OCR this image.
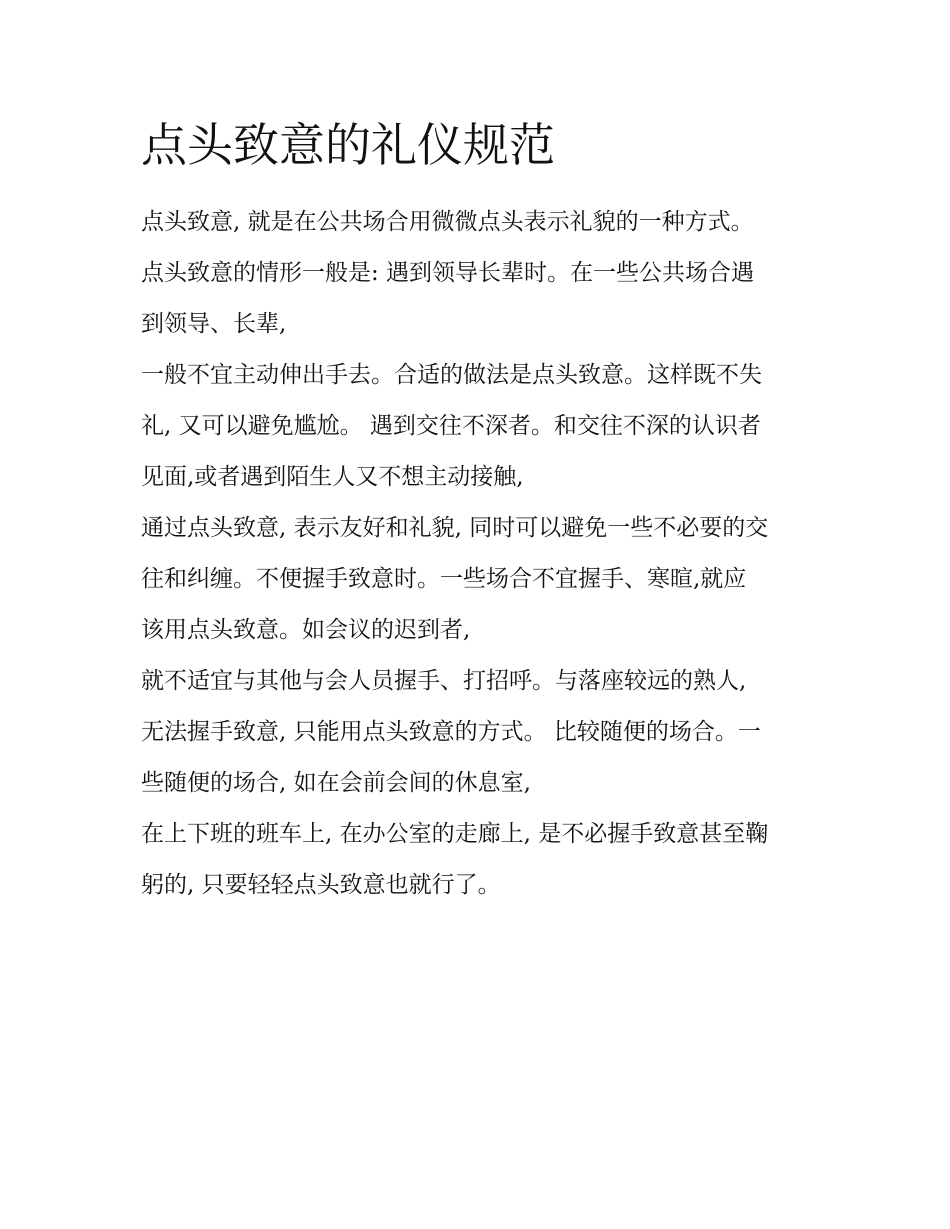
点头致意的礼仪规范
点头致意, 就是在公共场合用微微点头表示礼貌的一种方式。
点头致意的情形一般是: 遇到领导长辈时。在一些公共场合遇
到领导、长辈,
一般不宜主动伸出手去。合适的做法是点头致意。这样既不失
礼, 又可以避免尴尬。 遇到交往不深者。和交往不深的认识者
见面,或者遇到陌生人又不想主动接触,
通过点头致意, 表示友好和礼貌, 同时可以避免一些不必要的交
往和纠缠。不便握手致意时。一些场合不宜握手、寒暄,就应
该用点头致意。如会议的迟到者,
就不适宜与其他与会人员握手、打招呼。与落座较远的熟人,
无法握手致意, 只能用点头致意的方式。 比较随便的场合。一
些随便的场合, 如在会前会间的休息室,
在上下班的班车上, 在办公室的走廊上, 是不必握手致意甚至鞠
躬的, 只要轻轻点头致意也就行了。
